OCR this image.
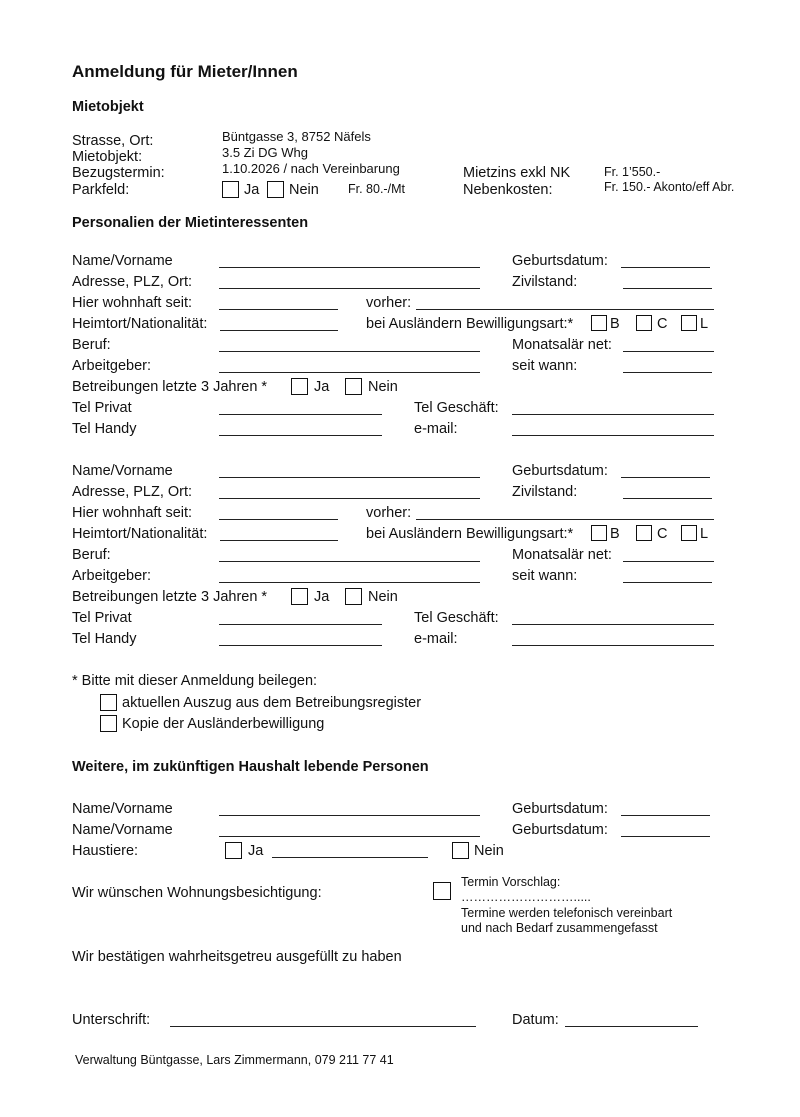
Anmeldung für Mieter/Innen
Mietobjekt
Strasse, Ort:	Büntgasse 3, 8752 Näfels
Mietobjekt:	3.5 Zi DG Whg
Bezugstermin:	1.10.2026 / nach Vereinbarung
Parkfeld:	Ja Nein Fr. 80.-/Mt
Mietzins exkl NK	Fr. 1’550.-
Nebenkosten:	Fr. 150.- Akonto/eff Abr.
Personalien der Mietinteressenten
Name/Vorname	Geburtsdatum:
Adresse, PLZ, Ort:	Zivilstand:
Hier wohnhaft seit:	vorher:
Heimtort/Nationalität:	bei Ausländern Bewilligungsart:*	B	C L
Beruf:	Monatsalär net:
Arbeitgeber:	seit wann:
Betreibungen letzte 3 Jahren *	Ja	Nein
Tel Privat	Tel Geschäft:
Tel Handy	e-mail:
Name/Vorname	Geburtsdatum:
Adresse, PLZ, Ort:	Zivilstand:
Hier wohnhaft seit:	vorher:
Heimtort/Nationalität:	bei Ausländern Bewilligungsart:*	B	C L
Beruf:	Monatsalär net:
Arbeitgeber:	seit wann:
Betreibungen letzte 3 Jahren *	Ja	Nein
Tel Privat	Tel Geschäft:
Tel Handy	e-mail:
* Bitte mit dieser Anmeldung beilegen:
aktuellen Auszug aus dem Betreibungsregister
Kopie der Ausländerbewilligung
Weitere, im zukünftigen Haushalt lebende Personen
Name/Vorname	Geburtsdatum:
Name/Vorname	Geburtsdatum:
Haustiere:	Ja	Nein
Wir wünschen Wohnungsbesichtigung:
Termin Vorschlag:
……………………….....
Termine werden telefonisch vereinbart
und nach Bedarf zusammengefasst
Wir bestätigen wahrheitsgetreu ausgefüllt zu haben
Unterschrift:	Datum:
Verwaltung Büntgasse, Lars Zimmermann, 079 211 77 41
